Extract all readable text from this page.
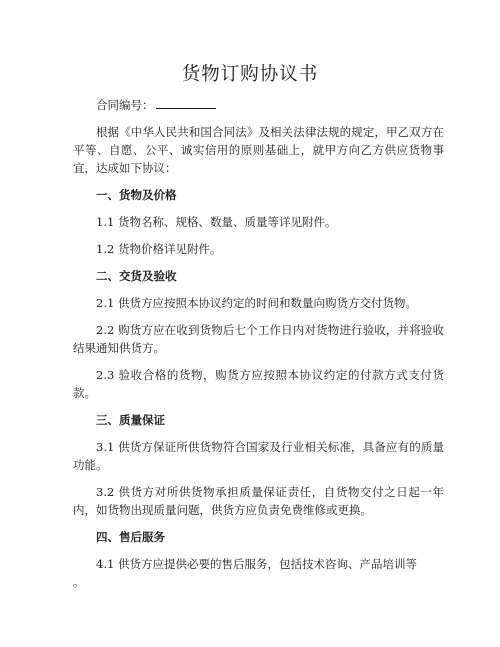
货物订购协议书

合同编号：

根据《中华人民共和国合同法》及相关法律法规的规定，甲乙双方在平等、自愿、公平、诚实信用的原则基础上，就甲方向乙方供应货物事宜，达成如下协议：

一、货物及价格

1.1 货物名称、规格、数量、质量等详见附件。

1.2 货物价格详见附件。

二、交货及验收

2.1 供货方应按照本协议约定的时间和数量向购货方交付货物。

2.2 购货方应在收到货物后七个工作日内对货物进行验收，并将验收结果通知供货方。

2.3 验收合格的货物，购货方应按照本协议约定的付款方式支付货款。

三、质量保证

3.1 供货方保证所供货物符合国家及行业相关标准，具备应有的质量功能。

3.2 供货方对所供货物承担质量保证责任，自货物交付之日起一年内，如货物出现质量问题，供货方应负责免费维修或更换。

四、售后服务

4.1 供货方应提供必要的售后服务，包括技术咨询、产品培训等

。
